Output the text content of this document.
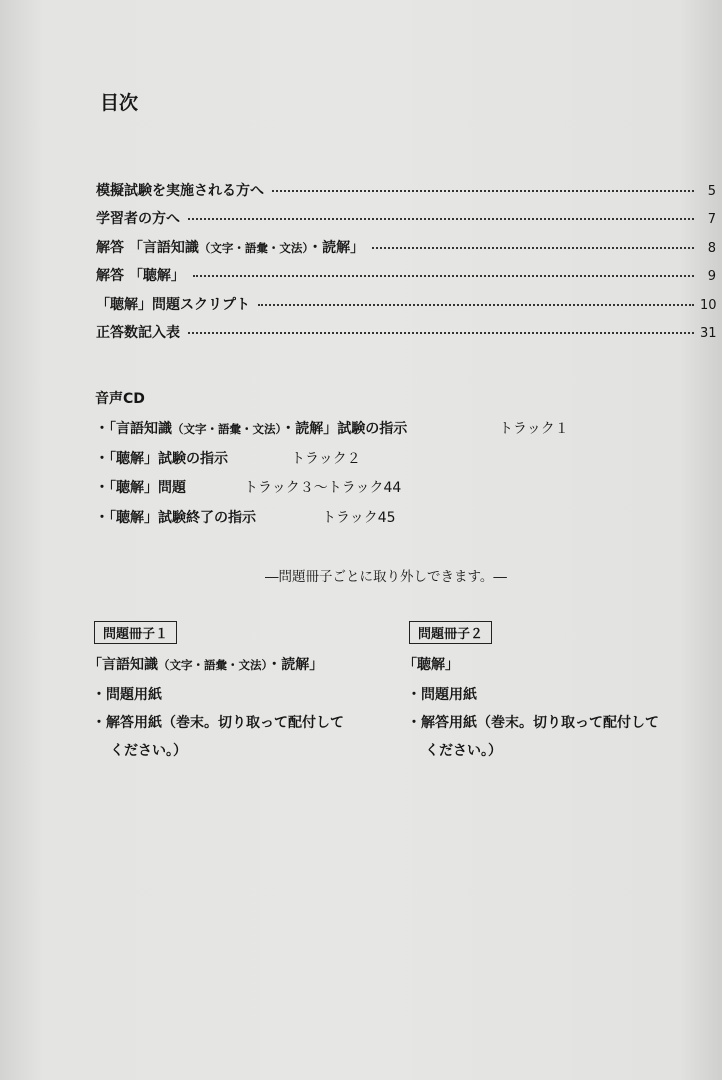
目次
模擬試験を実施される方へ	5
学習者の方へ	7
解答 「言語知識（文字・語彙・文法）・読解」	8
解答 「聴解」	9
「聴解」問題スクリプト	10
正答数記入表	31
音声CD
・「言語知識（文字・語彙・文法）・読解」試験の指示	トラック１
・「聴解」試験の指示	トラック２
・「聴解」問題	トラック３～トラック44
・「聴解」試験終了の指示	トラック45
―問題冊子ごとに取り外しできます。―
問題冊子１
「言語知識（文字・語彙・文法）・読解」
・問題用紙
・解答用紙（巻末。切り取って配付して
ください。）
問題冊子２
「聴解」
・問題用紙
・解答用紙（巻末。切り取って配付して
ください。）
